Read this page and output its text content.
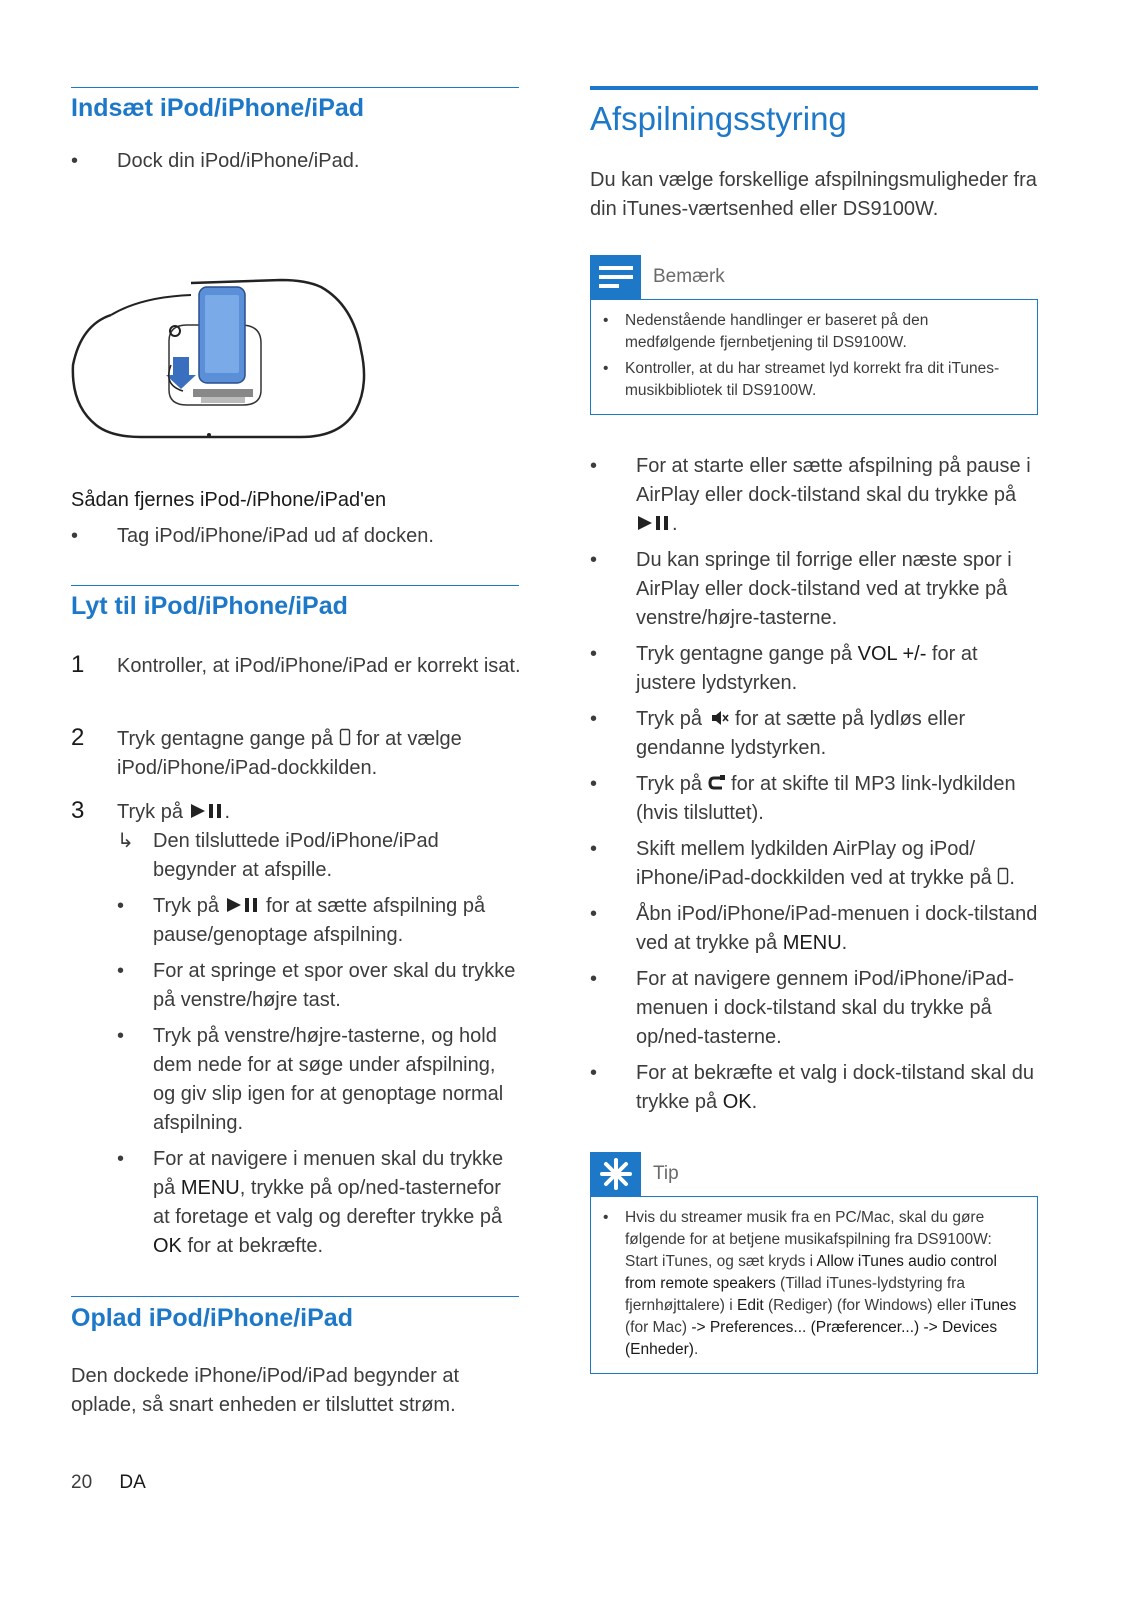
Indsæt iPod/iPhone/iPad
•	Dock din iPod/iPhone/iPad.
Sådan fjernes iPod-/iPhone/iPad'en
•	Tag iPod/iPhone/iPad ud af docken.
Lyt til iPod/iPhone/iPad
1 Kontroller, at iPod/iPhone/iPad er korrekt isat.
2 Tryk gentagne gange på  for at vælge iPod/iPhone/iPad-dockkilden.
3 Tryk på .
↳ Den tilsluttede iPod/iPhone/iPad begynder at afspille.
• Tryk på  for at sætte afspilning på pause/genoptage afspilning.
• For at springe et spor over skal du trykke på venstre/højre tast.
• Tryk på venstre/højre-tasterne, og hold dem nede for at søge under afspilning, og giv slip igen for at genoptage normal afspilning.
• For at navigere i menuen skal du trykke på MENU, trykke på op/ned-tasternefor at foretage et valg og derefter trykke på OK for at bekræfte.
Oplad iPod/iPhone/iPad
Den dockede iPhone/iPod/iPad begynder at oplade, så snart enheden er tilsluttet strøm.
20 DA
Afspilningsstyring
Du kan vælge forskellige afspilningsmuligheder fra din iTunes-værtsenhed eller DS9100W.
Bemærk
•	Nedenstående handlinger er baseret på den medfølgende fjernbetjening til DS9100W.
•	Kontroller, at du har streamet lyd korrekt fra dit iTunes-musikbibliotek til DS9100W.
•	For at starte eller sætte afspilning på pause i AirPlay eller dock-tilstand skal du trykke på .
•	Du kan springe til forrige eller næste spor i AirPlay eller dock-tilstand ved at trykke på venstre/højre-tasterne.
•	Tryk gentagne gange på VOL +/- for at justere lydstyrken.
•	Tryk på  for at sætte på lydløs eller gendanne lydstyrken.
•	Tryk på  for at skifte til MP3 link-lydkilden (hvis tilsluttet).
•	Skift mellem lydkilden AirPlay og iPod/ iPhone/iPad-dockkilden ved at trykke på .
•	Åbn iPod/iPhone/iPad-menuen i dock-tilstand ved at trykke på MENU.
•	For at navigere gennem iPod/iPhone/iPad-menuen i dock-tilstand skal du trykke på op/ned-tasterne.
•	For at bekræfte et valg i dock-tilstand skal du trykke på OK.
Tip
•	Hvis du streamer musik fra en PC/Mac, skal du gøre følgende for at betjene musikafspilning fra DS9100W: Start iTunes, og sæt kryds i Allow iTunes audio control from remote speakers (Tillad iTunes-lydstyring fra fjernhøjttalere) i Edit (Rediger) (for Windows) eller iTunes (for Mac) -> Preferences... (Præferencer...) -> Devices (Enheder).
